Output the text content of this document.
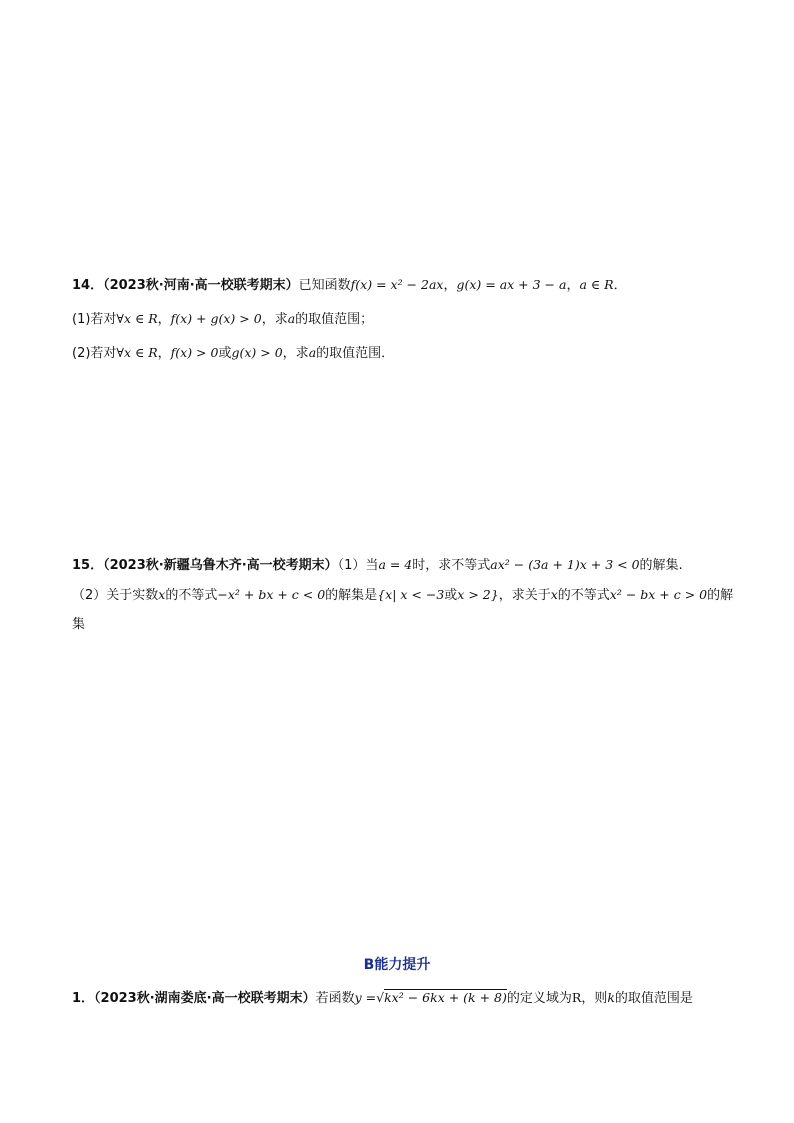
14．（2023秋·河南·高一校联考期末）已知函数f(x) = x² − 2ax，g(x) = ax + 3 − a，a ∈ R．
(1)若对∀x ∈ R，f(x) + g(x) > 0，求a的取值范围；
(2)若对∀x ∈ R，f(x) > 0或g(x) > 0，求a的取值范围．
15．（2023秋·新疆乌鲁木齐·高一校考期末）（1）当a = 4时，求不等式ax² − (3a + 1)x + 3 < 0的解集.
（2）关于实数x的不等式−x² + bx + c < 0的解集是{x| x < −3或x > 2}，求关于x的不等式x² − bx + c > 0的解
集
B能力提升
1．（2023秋·湖南娄底·高一校联考期末）若函数y =√kx² − 6kx + (k + 8)的定义域为R，则k的取值范围是
